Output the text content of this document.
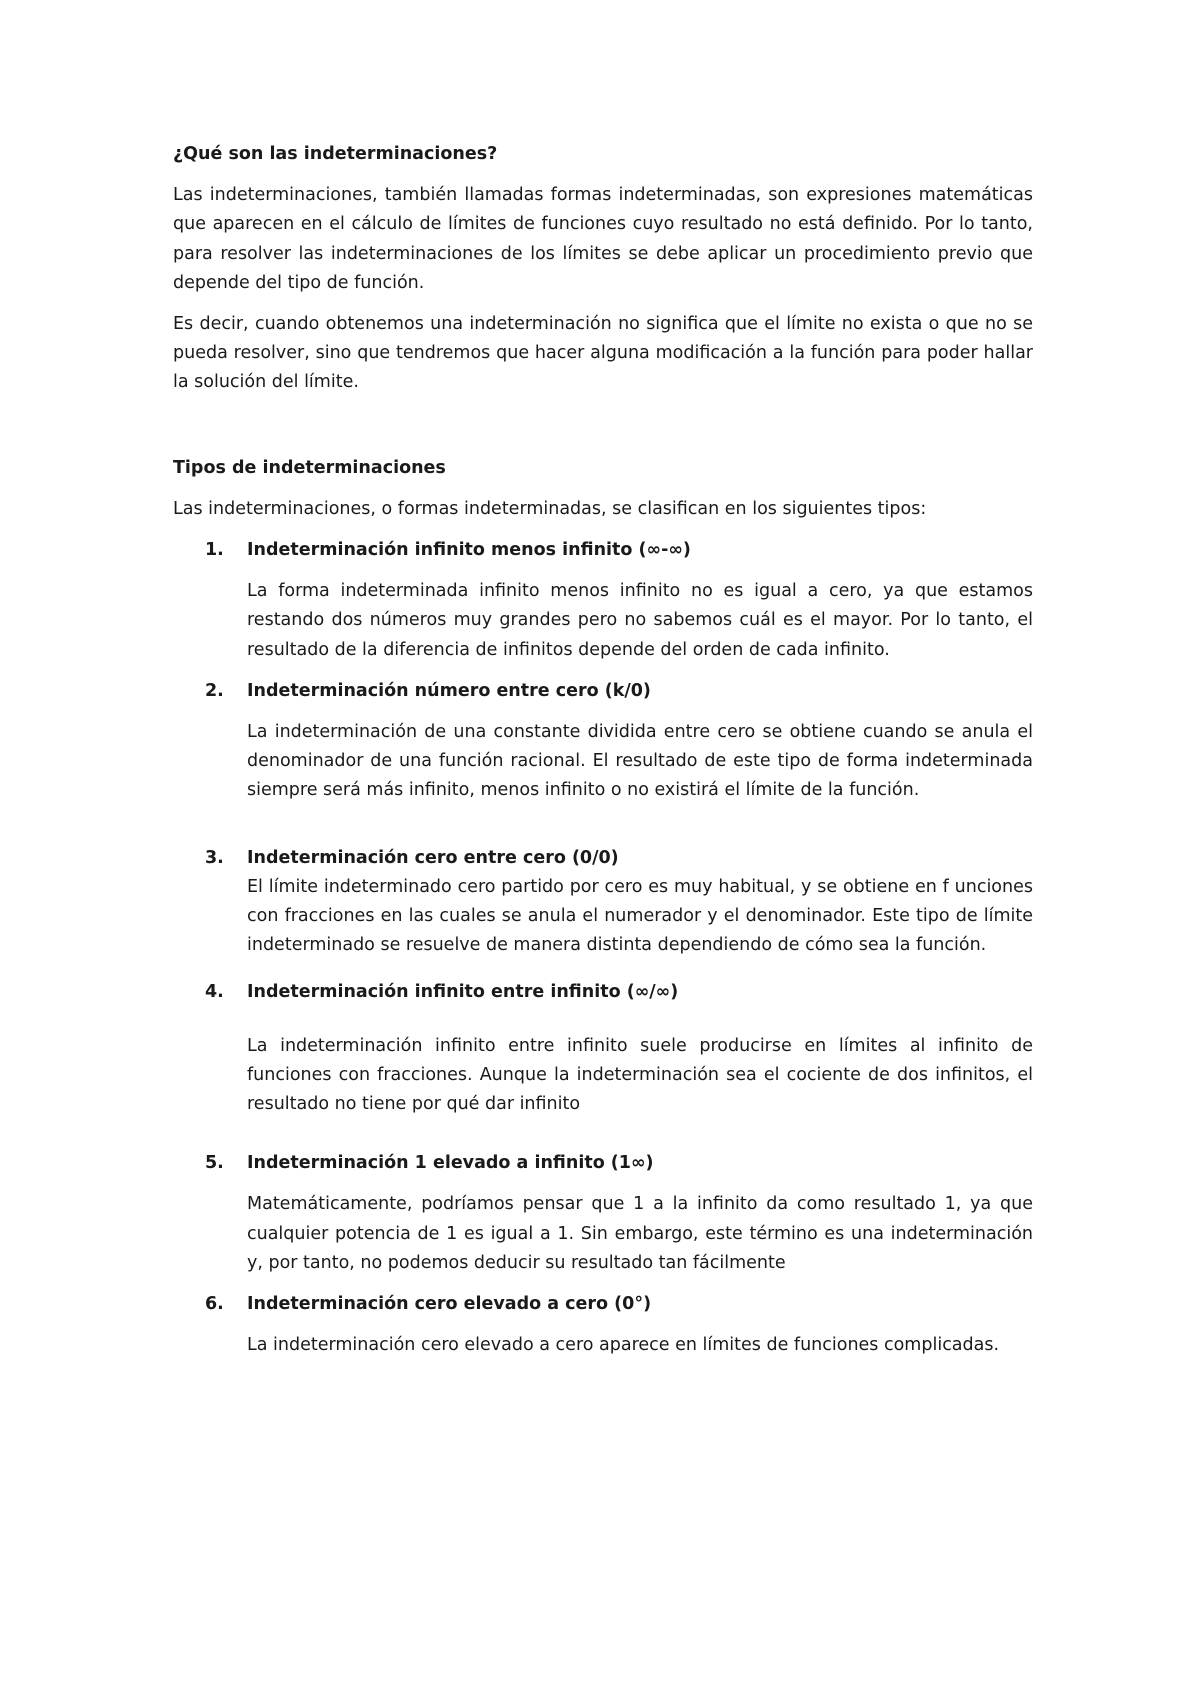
¿Qué son las indeterminaciones?

Las indeterminaciones, también llamadas formas indeterminadas, son expresiones matemáticas que aparecen en el cálculo de límites de funciones cuyo resultado no está definido. Por lo tanto, para resolver las indeterminaciones de los límites se debe aplicar un procedimiento previo que depende del tipo de función.

Es decir, cuando obtenemos una indeterminación no significa que el límite no exista o que no se pueda resolver, sino que tendremos que hacer alguna modificación a la función para poder hallar la solución del límite.

Tipos de indeterminaciones

Las indeterminaciones, o formas indeterminadas, se clasifican en los siguientes tipos:

1. Indeterminación infinito menos infinito (∞-∞)

La forma indeterminada infinito menos infinito no es igual a cero, ya que estamos restando dos números muy grandes pero no sabemos cuál es el mayor. Por lo tanto, el resultado de la diferencia de infinitos depende del orden de cada infinito.

2. Indeterminación número entre cero (k/0)

La indeterminación de una constante dividida entre cero se obtiene cuando se anula el denominador de una función racional. El resultado de este tipo de forma indeterminada siempre será más infinito, menos infinito o no existirá el límite de la función.

3. Indeterminación cero entre cero (0/0)

El límite indeterminado cero partido por cero es muy habitual, y se obtiene en f unciones con fracciones en las cuales se anula el numerador y el denominador. Este tipo de límite indeterminado se resuelve de manera distinta dependiendo de cómo sea la función.

4. Indeterminación infinito entre infinito (∞/∞)

La indeterminación infinito entre infinito suele producirse en límites al infinito de funciones con fracciones. Aunque la indeterminación sea el cociente de dos infinitos, el resultado no tiene por qué dar infinito

5. Indeterminación 1 elevado a infinito (1∞)

Matemáticamente, podríamos pensar que 1 a la infinito da como resultado 1, ya que cualquier potencia de 1 es igual a 1. Sin embargo, este término es una indeterminación y, por tanto, no podemos deducir su resultado tan fácilmente

6. Indeterminación cero elevado a cero (0°)

La indeterminación cero elevado a cero aparece en límites de funciones complicadas.
